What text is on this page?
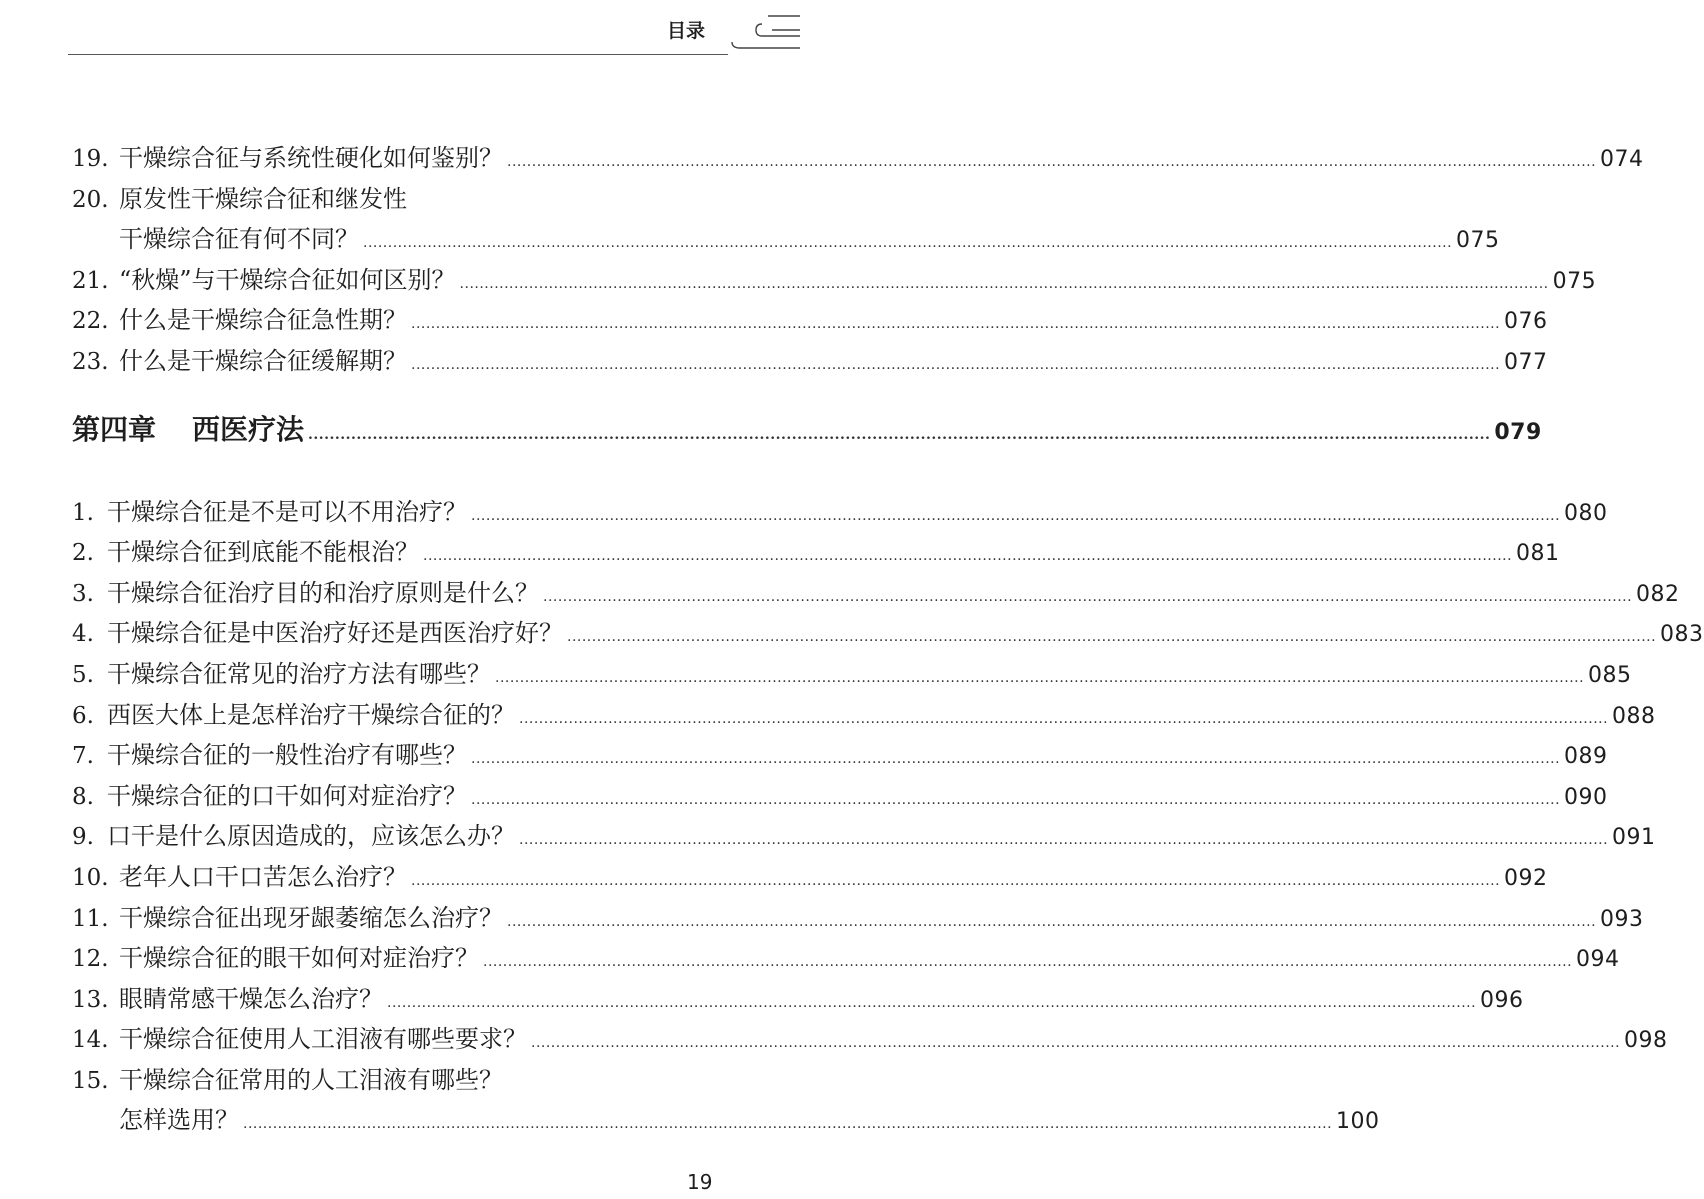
目录
19. 干燥综合征与系统性硬化如何鉴别？ ............................................................................................................................................................................................................................ 074
20. 原发性干燥综合征和继发性
干燥综合征有何不同？ ............................................................................................................................................................................................................................ 075
21. “秋燥”与干燥综合征如何区别？ ............................................................................................................................................................................................................................ 075
22. 什么是干燥综合征急性期？ ............................................................................................................................................................................................................................ 076
23. 什么是干燥综合征缓解期？ ............................................................................................................................................................................................................................ 077
第四章 西医疗法 ............................................................................................................................................................................................................................ 079
1. 干燥综合征是不是可以不用治疗？ ............................................................................................................................................................................................................................ 080
2. 干燥综合征到底能不能根治？ ............................................................................................................................................................................................................................ 081
3. 干燥综合征治疗目的和治疗原则是什么？ ............................................................................................................................................................................................................................ 082
4. 干燥综合征是中医治疗好还是西医治疗好？ ............................................................................................................................................................................................................................ 083
5. 干燥综合征常见的治疗方法有哪些？ ............................................................................................................................................................................................................................ 085
6. 西医大体上是怎样治疗干燥综合征的？ ............................................................................................................................................................................................................................ 088
7. 干燥综合征的一般性治疗有哪些？ ............................................................................................................................................................................................................................ 089
8. 干燥综合征的口干如何对症治疗？ ............................................................................................................................................................................................................................ 090
9. 口干是什么原因造成的，应该怎么办？ ............................................................................................................................................................................................................................ 091
10. 老年人口干口苦怎么治疗？ ............................................................................................................................................................................................................................ 092
11. 干燥综合征出现牙龈萎缩怎么治疗？ ............................................................................................................................................................................................................................ 093
12. 干燥综合征的眼干如何对症治疗？ ............................................................................................................................................................................................................................ 094
13. 眼睛常感干燥怎么治疗？ ............................................................................................................................................................................................................................ 096
14. 干燥综合征使用人工泪液有哪些要求？ ............................................................................................................................................................................................................................ 098
15. 干燥综合征常用的人工泪液有哪些？
怎样选用？ ............................................................................................................................................................................................................................ 100
19
